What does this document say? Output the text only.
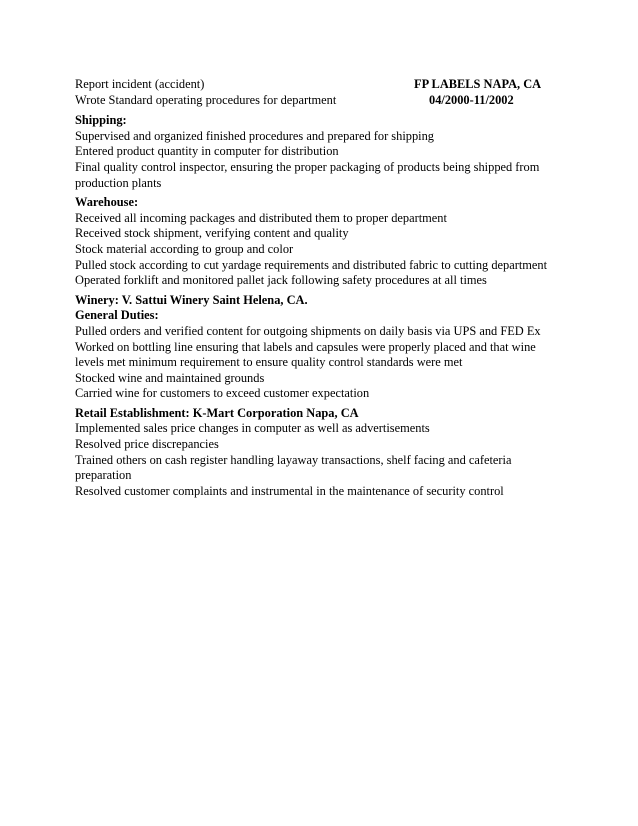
Report incident (accident)	FP LABELS NAPA, CA
Wrote Standard operating procedures for department	04/2000-11/2002
Shipping:
Supervised and organized finished procedures and prepared for shipping
Entered product quantity in computer for distribution
Final quality control inspector, ensuring the proper packaging of products being shipped from
production plants
Warehouse:
Received all incoming packages and distributed them to proper department
Received stock shipment, verifying content and quality
Stock material according to group and color
Pulled stock according to cut yardage requirements and distributed fabric to cutting department
Operated forklift and monitored pallet jack following safety procedures at all times
Winery: V. Sattui Winery Saint Helena, CA.
General Duties:
Pulled orders and verified content for outgoing shipments on daily basis via UPS and FED Ex
Worked on bottling line ensuring that labels and capsules were properly placed and that wine
levels met minimum requirement to ensure quality control standards were met
Stocked wine and maintained grounds
Carried wine for customers to exceed customer expectation
Retail Establishment: K-Mart Corporation Napa, CA
Implemented sales price changes in computer as well as advertisements
Resolved price discrepancies
Trained others on cash register handling layaway transactions, shelf facing and cafeteria
preparation
Resolved customer complaints and instrumental in the maintenance of security control
